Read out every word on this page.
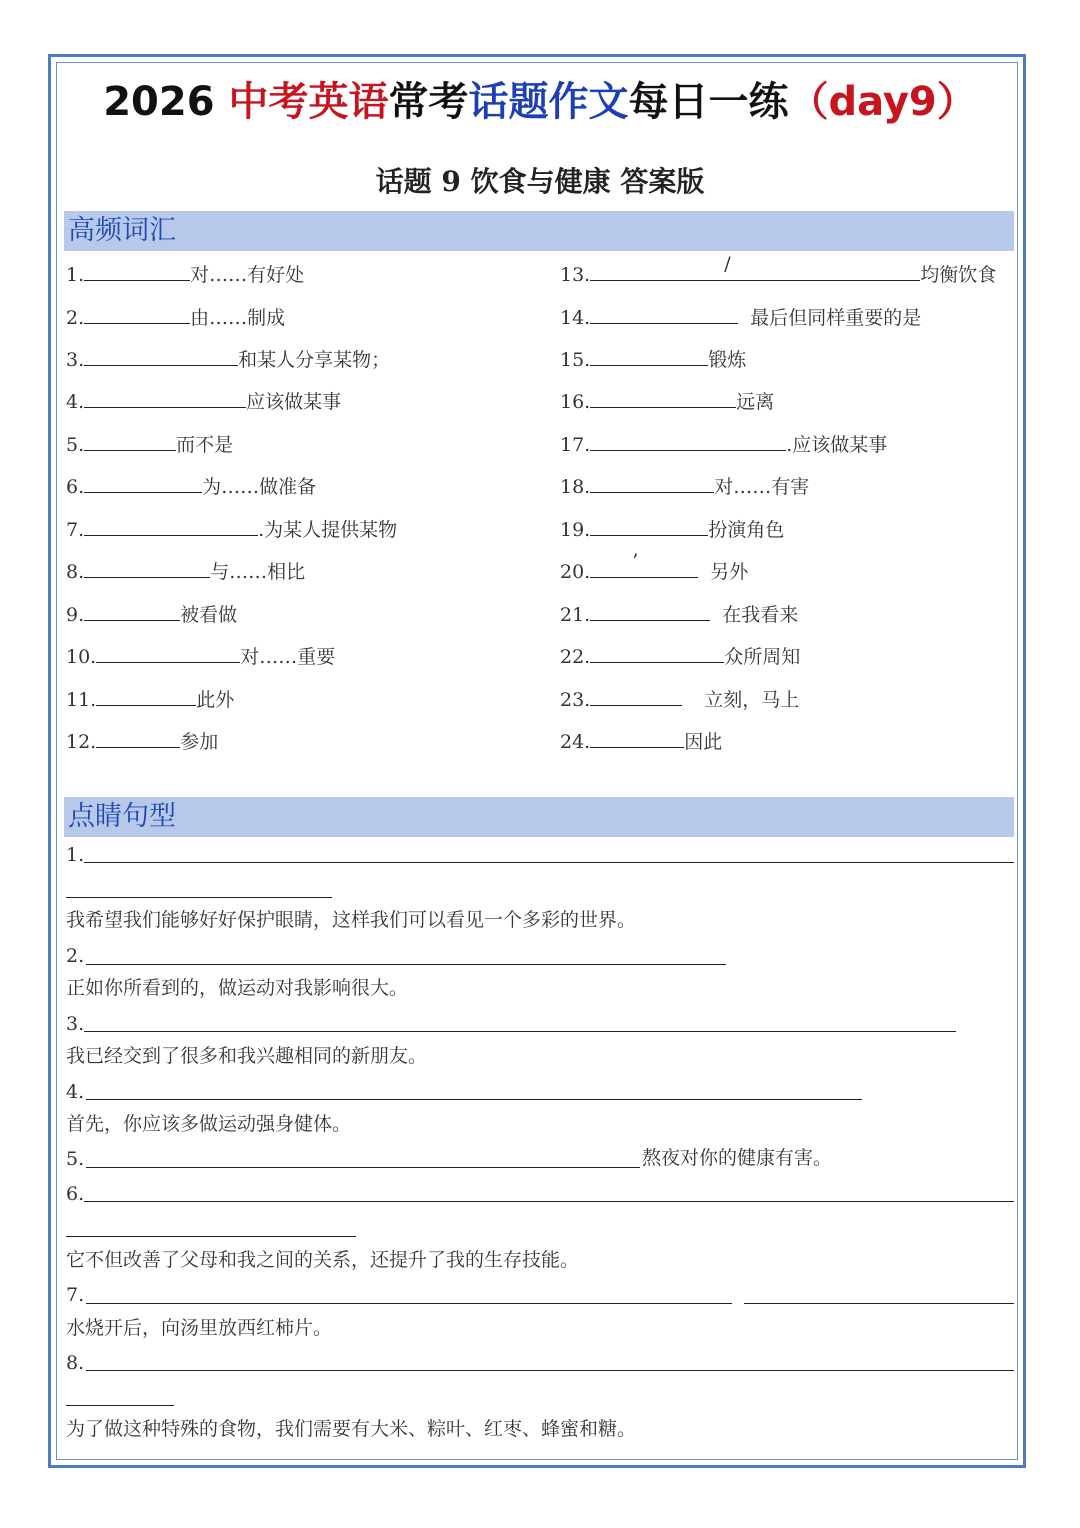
2026 中考英语常考话题作文每日一练（day9）
话题 9 饮食与健康 答案版
高频词汇
1.	对……有好处
2.	由……制成
3.	和某人分享某物；
4.	应该做某事
5.	而不是
6.	为……做准备
7.	.为某人提供某物
8.	与……相比
9.	被看做
10.	对……重要
11.	此外
12.	参加
13.	/	均衡饮食
14.	最后但同样重要的是
15.	锻炼
16.	远离
17.	.应该做某事
18.	对……有害
19.	扮演角色
20. ’	另外
21.	在我看来
22.	众所周知
23.	立刻，马上
24.	因此
点睛句型
1.
我希望我们能够好好保护眼睛，这样我们可以看见一个多彩的世界。
2.
正如你所看到的，做运动对我影响很大。
3.
我已经交到了很多和我兴趣相同的新朋友。
4.
首先，你应该多做运动强身健体。
5.	熬夜对你的健康有害。
6.
它不但改善了父母和我之间的关系，还提升了我的生存技能。
7.
水烧开后，向汤里放西红柿片。
8.
为了做这种特殊的食物，我们需要有大米、粽叶、红枣、蜂蜜和糖。
